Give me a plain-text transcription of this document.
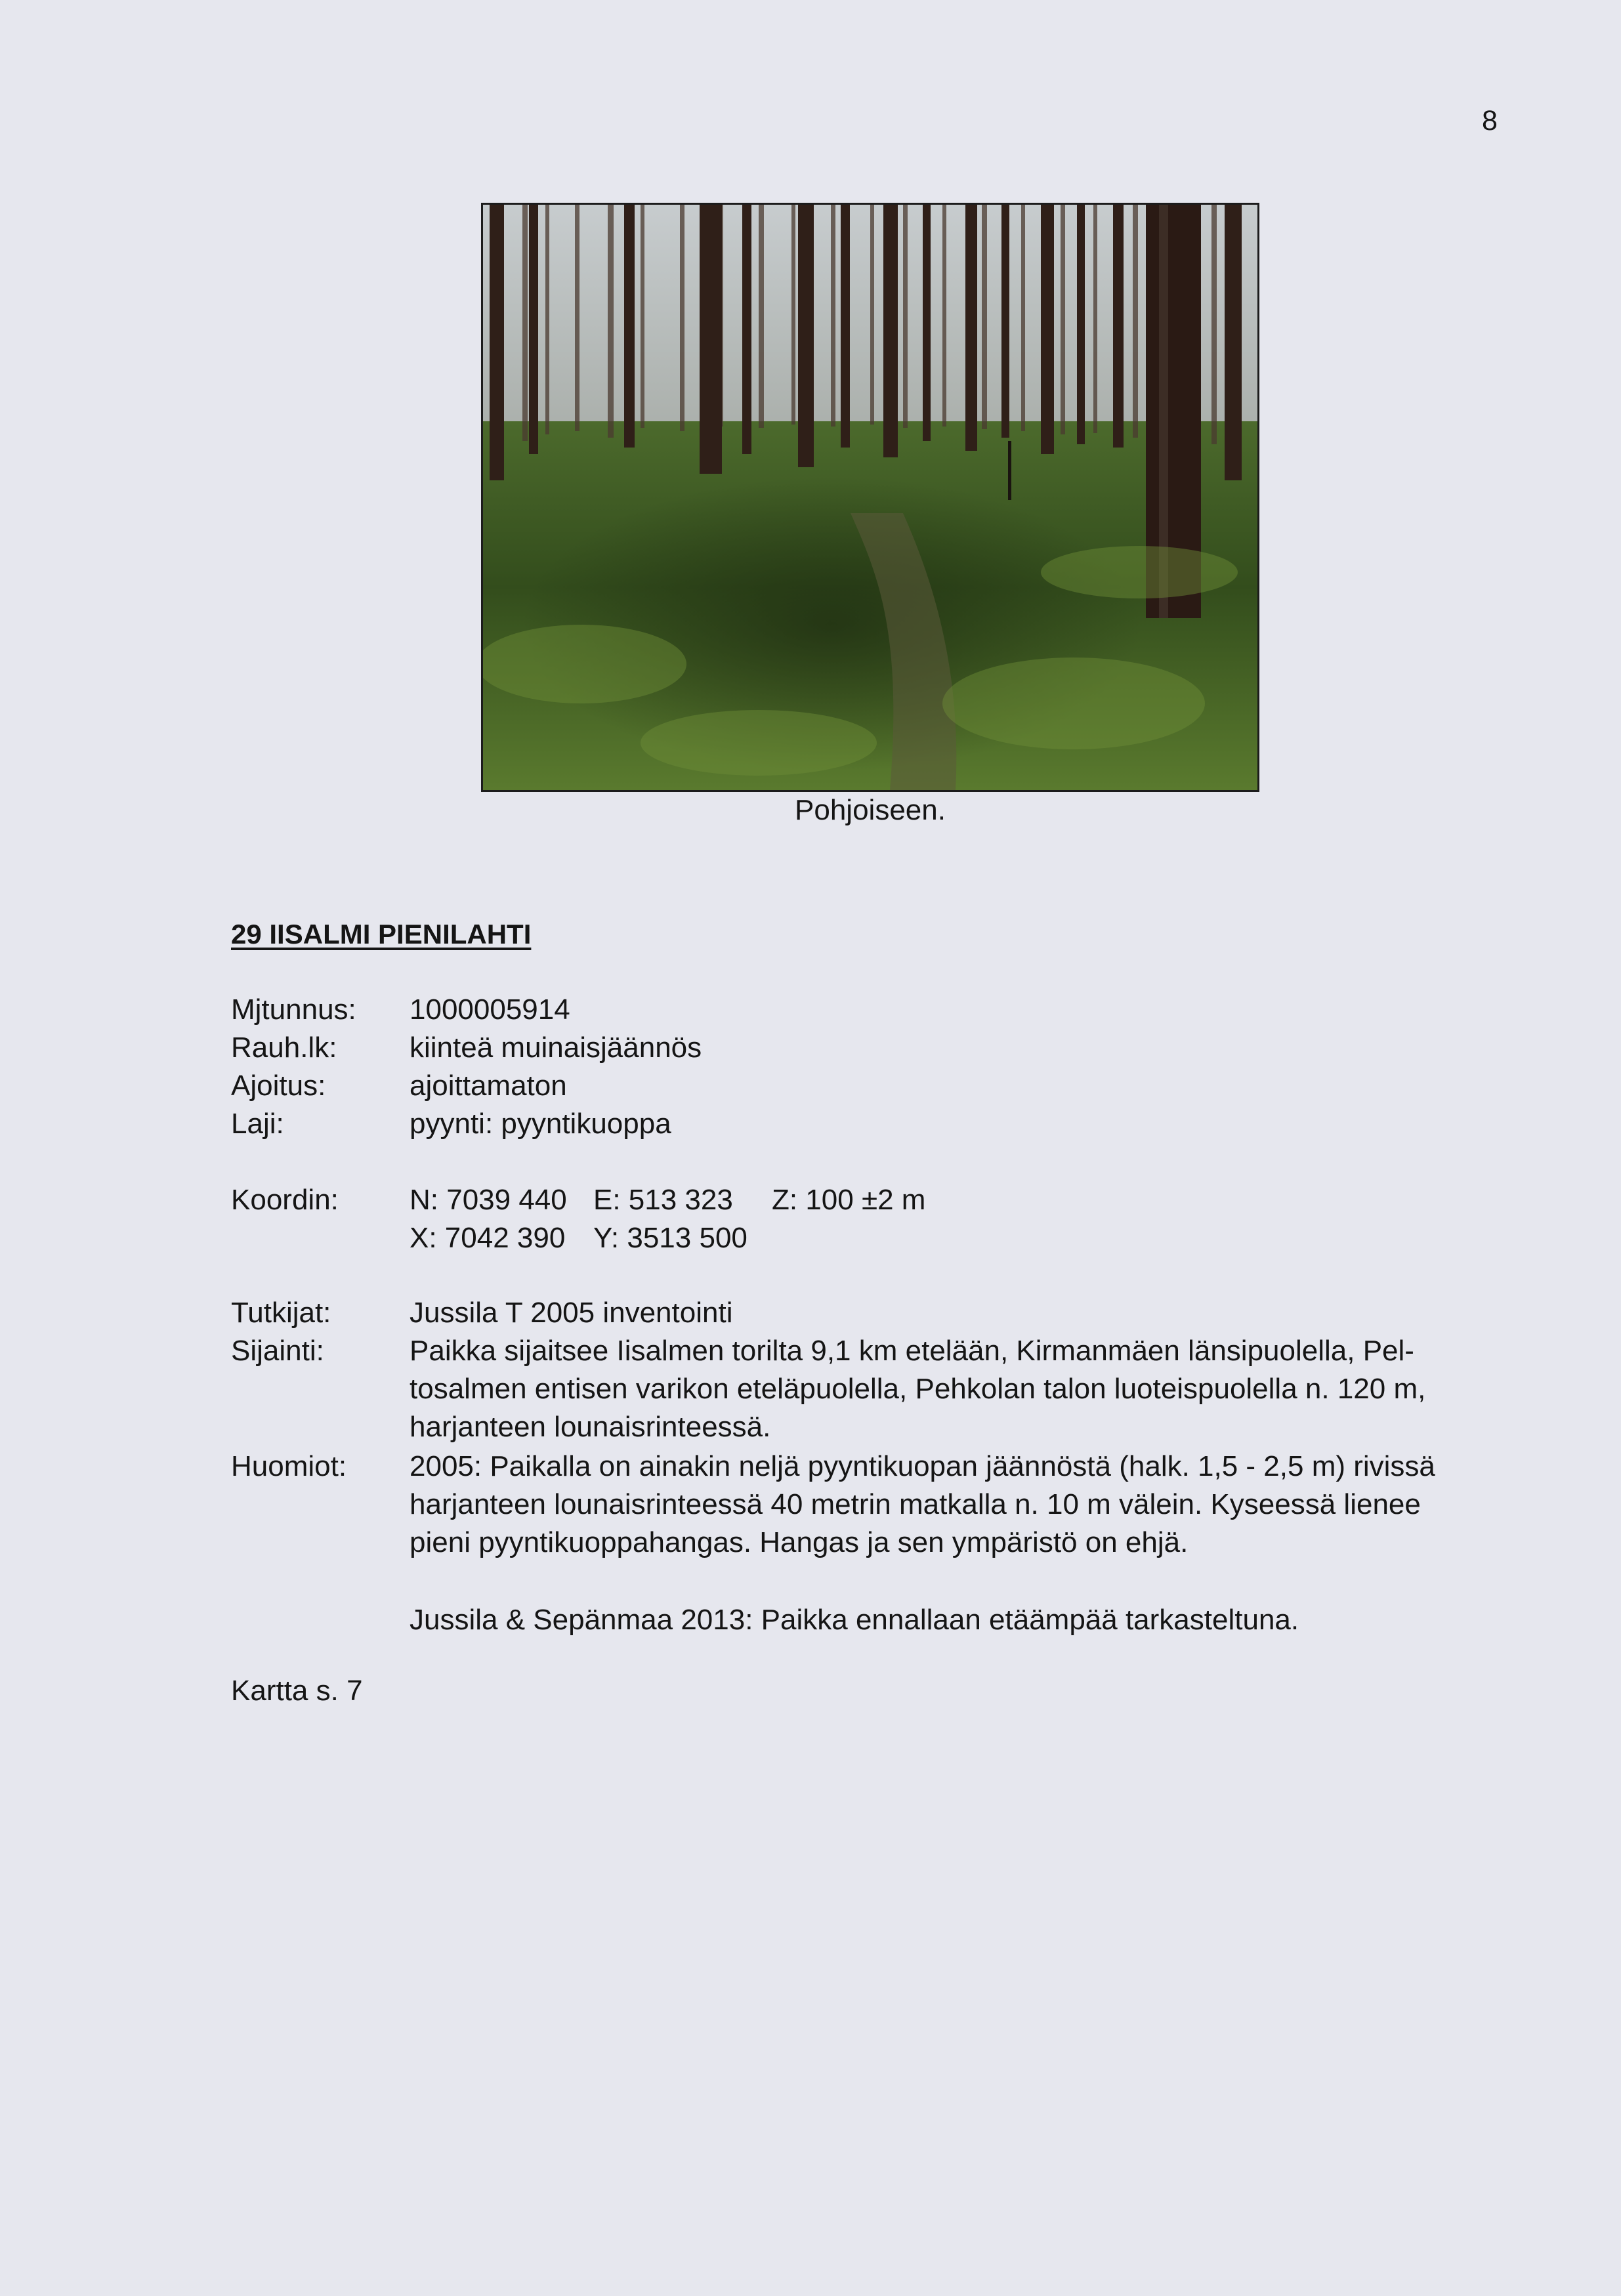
8
Pohjoiseen.
29 IISALMI PIENILAHTI
Mjtunnus: 1000005914
Rauh.lk:	kiinteä muinaisjäännös
Ajoitus:	ajoittamaton
Laji:	pyynti: pyyntikuoppa
Koordin: N: 7039 440 E: 513 323 Z: 100 ±2 m
X: 7042 390 Y: 3513 500
Tutkijat:	Jussila T 2005 inventointi
Sijainti:	Paikka sijaitsee Iisalmen torilta 9,1 km etelään, Kirmanmäen länsipuolella, Pel-
tosalmen entisen varikon eteläpuolella, Pehkolan talon luoteispuolella n. 120 m,
harjanteen lounaisrinteessä.
Huomiot: 2005: Paikalla on ainakin neljä pyyntikuopan jäännöstä (halk. 1,5 - 2,5 m) rivissä
harjanteen lounaisrinteessä 40 metrin matkalla n. 10 m välein. Kyseessä lienee
pieni pyyntikuoppahangas. Hangas ja sen ympäristö on ehjä.
Jussila & Sepänmaa 2013: Paikka ennallaan etäämpää tarkasteltuna.
Kartta s. 7
